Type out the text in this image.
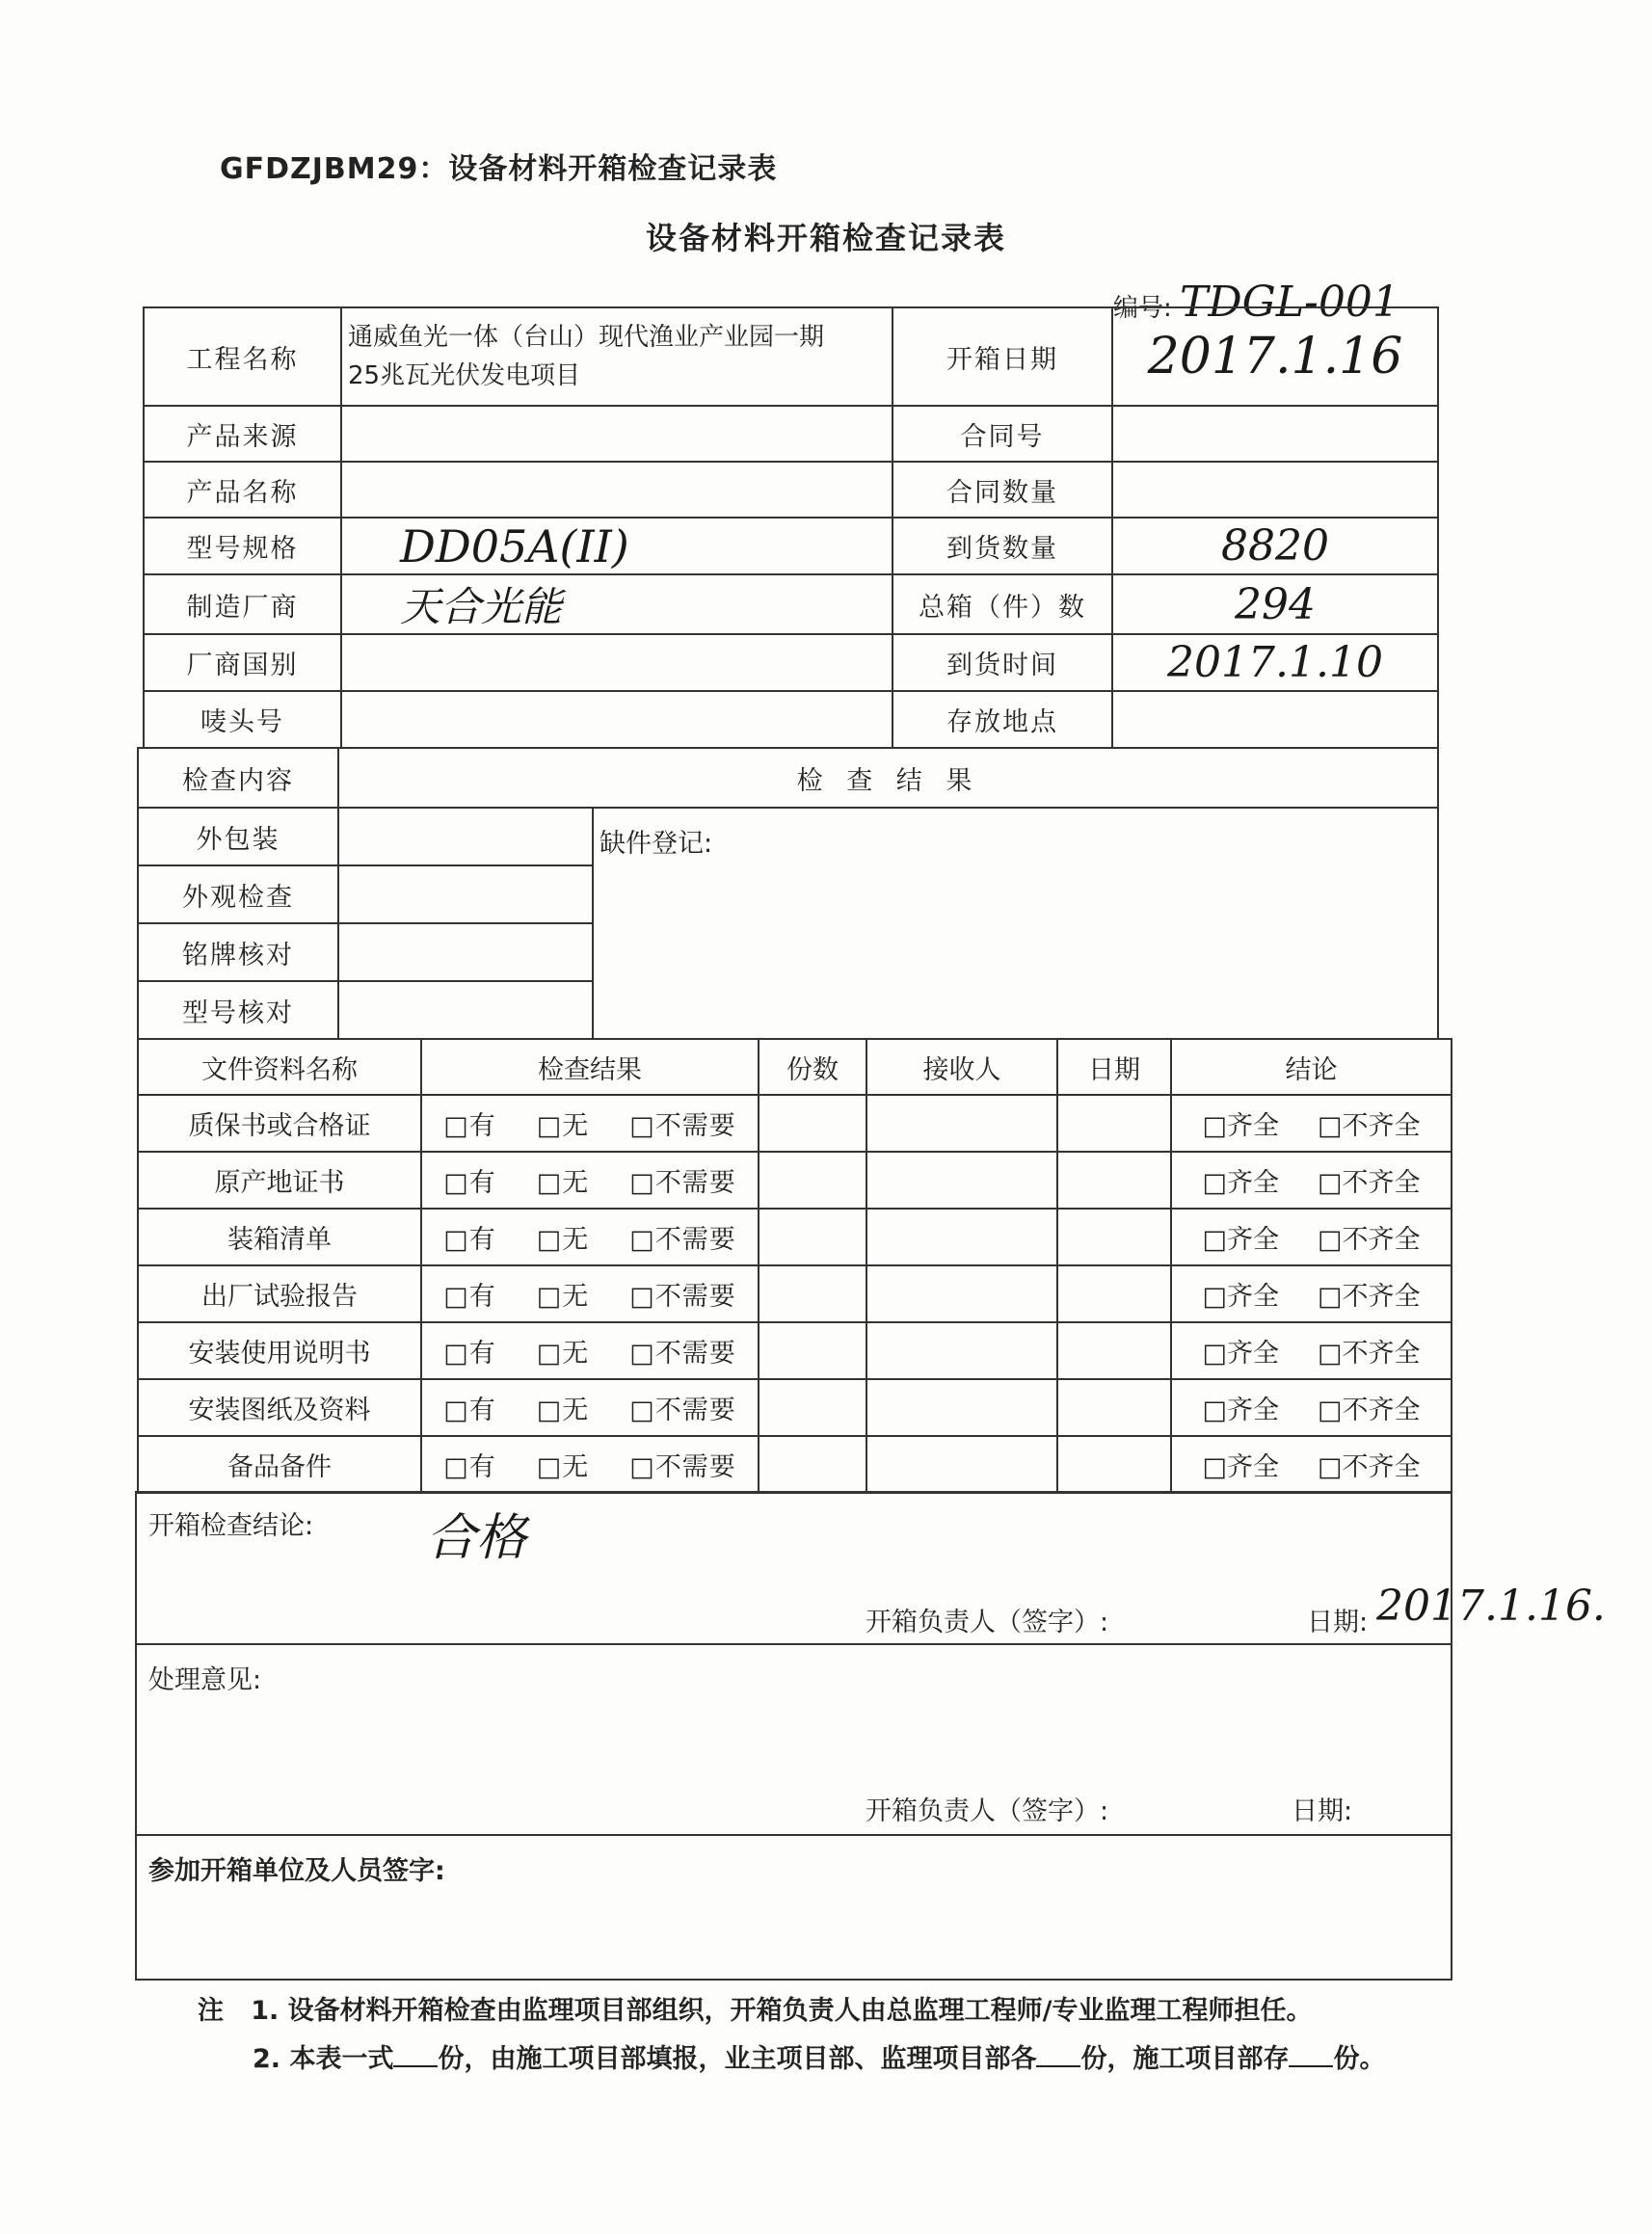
GFDZJBM29：设备材料开箱检查记录表
设备材料开箱检查记录表
编号: TDGL-001
工程名称	通威鱼光一体（台山）现代渔业产业园一期
25兆瓦光伏发电项目	开箱日期	2017.1.16
产品来源		合同号	
产品名称		合同数量	
型号规格	DD05A(II)	到货数量	8820
制造厂商	天合光能	总箱（件）数	294
厂商国别		到货时间	2017.1.10
唛头号		存放地点	
检查内容	检 查 结 果	
外包装		缺件登记:
外观检查		
铭牌核对		
型号核对		
文件资料名称	检查结果	份数	接收人	日期	结论
质保书或合格证	□有 □无 □不需要				□齐全 □不齐全
原产地证书	□有 □无 □不需要				□齐全 □不齐全
装箱清单	□有 □无 □不需要				□齐全 □不齐全
出厂试验报告	□有 □无 □不需要				□齐全 □不齐全
安装使用说明书	□有 □无 □不需要				□齐全 □不齐全
安装图纸及资料	□有 □无 □不需要				□齐全 □不齐全
备品备件	□有 □无 □不需要				□齐全 □不齐全
开箱检查结论: 合格
开箱负责人（签字）:	日期: 2017.1.16.

处理意见:
开箱负责人（签字）:	日期:

参加开箱单位及人员签字:
注 1. 设备材料开箱检查由监理项目部组织，开箱负责人由总监理工程师/专业监理工程师担任。
2. 本表一式 份，由施工项目部填报，业主项目部、监理项目部各 份，施工项目部存 份。
